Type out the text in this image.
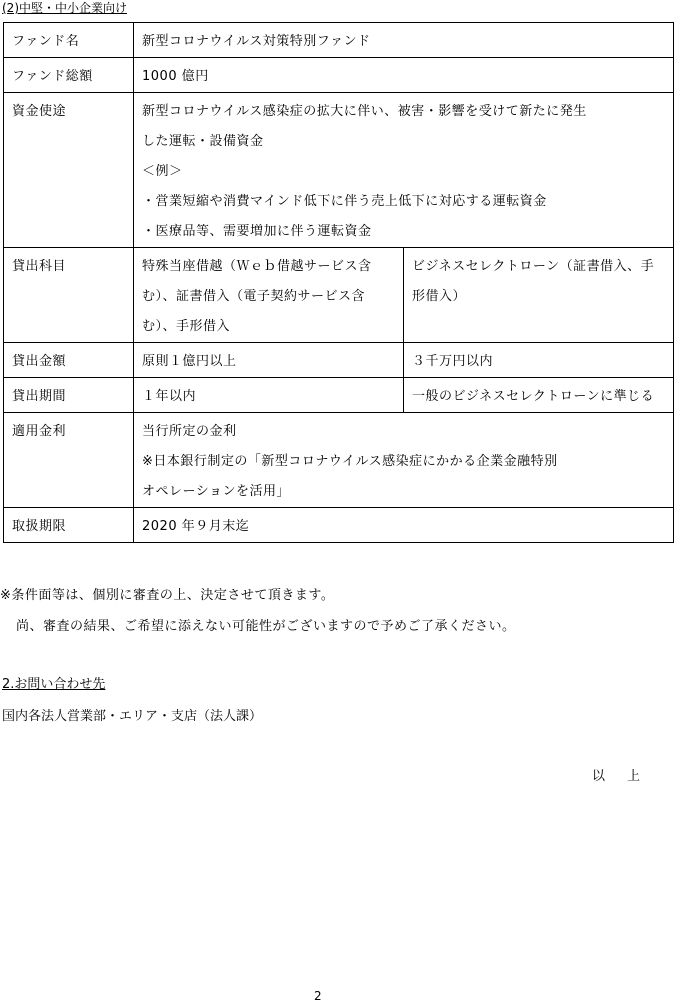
(2)中堅・中小企業向け
ファンド名	新型コロナウイルス対策特別ファンド	
ファンド総額	1000 億円	
資金使途	新型コロナウイルス感染症の拡大に伴い、被害・影響を受けて新たに発生
した運転・設備資金
＜例＞
・営業短縮や消費マインド低下に伴う売上低下に対応する運転資金
・医療品等、需要増加に伴う運転資金	

貸出科目	特殊当座借越（Ｗｅｂ借越サービス含む）、証書借入（電子契約サービス含む）、手形借入	ビジネスセレクトローン（証書借入、手形借入）

貸出金額	原則１億円以上	３千万円以内
貸出期間	１年以内	一般のビジネスセレクトローンに準じる

適用金利	当行所定の金利
※日本銀行制定の「新型コロナウイルス感染症にかかる企業金融特別
オペレーションを活用」	

取扱期限	2020 年９月末迄	
※条件面等は、個別に審査の上、決定させて頂きます。
尚、審査の結果、ご希望に添えない可能性がございますので予めご了承ください。
2.お問い合わせ先
国内各法人営業部・エリア・支店（法人課）
以上
2
